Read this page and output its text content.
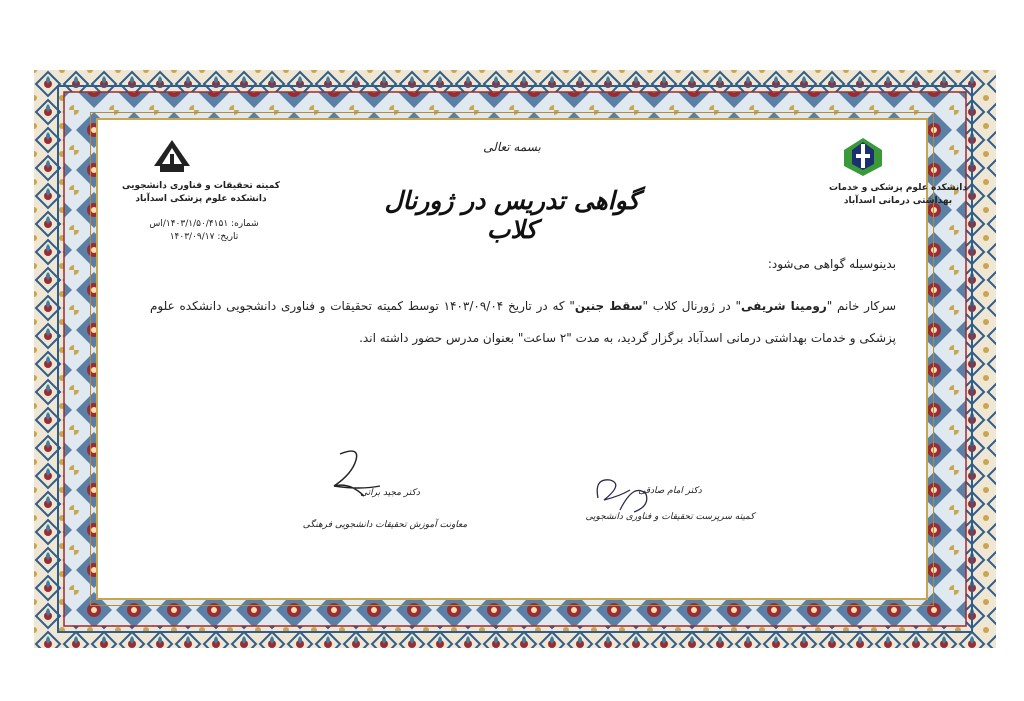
بسمه تعالی
گواهی تدریس در ژورنال کلاب
کمیته تحقیقات و فناوری دانشجویی
دانشکده علوم پزشکی اسدآباد
شماره: ۱۴۰۳/۱/۵۰/۴۱۵۱/اس
تاریخ: ۱۴۰۳/۰۹/۱۷
دانشکده علوم پزشکی و خدمات
بهداشتی درمانی اسدآباد
بدینوسیله گواهی می‌شود:
سرکار خانم "رومینا شریفی" در ژورنال کلاب "سقط جنین" که در تاریخ ۱۴۰۳/۰۹/۰۴ توسط کمیته تحقیقات و فناوری دانشجویی دانشکده علوم پزشکی و خدمات بهداشتی درمانی اسدآباد برگزار گردید، به مدت "۲ ساعت" بعنوان مدرس حضور داشته اند.
دکتر مجید براتی
معاونت آموزش تحقیقات دانشجویی فرهنگی
دکتر امام صادقی
کمیته سرپرست تحقیقات و فناوری دانشجویی
